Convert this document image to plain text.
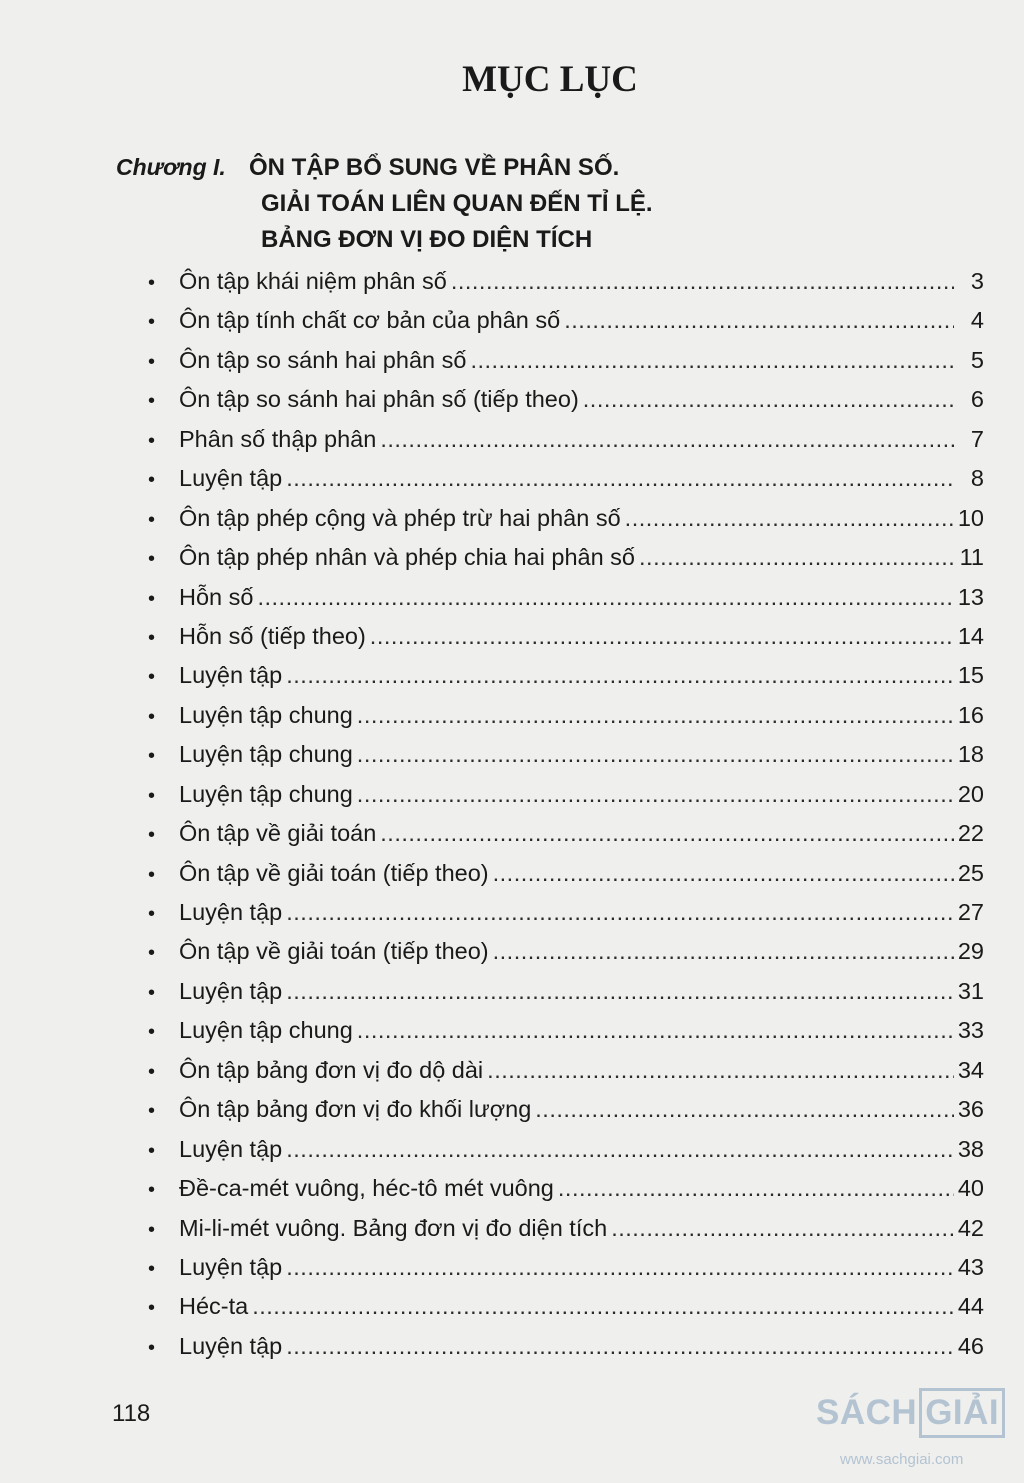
MỤC LỤC
Chương I. ÔN TẬP BỔ SUNG VỀ PHÂN SỐ.
GIẢI TOÁN LIÊN QUAN ĐẾN TỈ LỆ.
BẢNG ĐƠN VỊ ĐO DIỆN TÍCH
•	Ôn tập khái niệm phân số .....	3
•	Ôn tập tính chất cơ bản của phân số .....	4
•	Ôn tập so sánh hai phân số .....	5
•	Ôn tập so sánh hai phân số (tiếp theo) .....	6
•	Phân số thập phân .....	7
•	Luyện tập .....	8
•	Ôn tập phép cộng và phép trừ hai phân số .....	10
•	Ôn tập phép nhân và phép chia hai phân số .....	11
•	Hỗn số .....	13
•	Hỗn số (tiếp theo) .....	14
•	Luyện tập .....	15
•	Luyện tập chung .....	16
•	Luyện tập chung .....	18
•	Luyện tập chung .....	20
•	Ôn tập về giải toán .....	22
•	Ôn tập về giải toán (tiếp theo) .....	25
•	Luyện tập .....	27
•	Ôn tập về giải toán (tiếp theo) .....	29
•	Luyện tập .....	31
•	Luyện tập chung .....	33
•	Ôn tập bảng đơn vị đo dộ dài .....	34
•	Ôn tập bảng đơn vị đo khối lượng .....	36
•	Luyện tập .....	38
•	Đề-ca-mét vuông, héc-tô mét vuông .....	40
•	Mi-li-mét vuông. Bảng đơn vị đo diện tích .....	42
•	Luyện tập .....	43
•	Héc-ta .....	44
•	Luyện tập .....	46
118	SÁCH GIẢI
www.sachgiai.com
